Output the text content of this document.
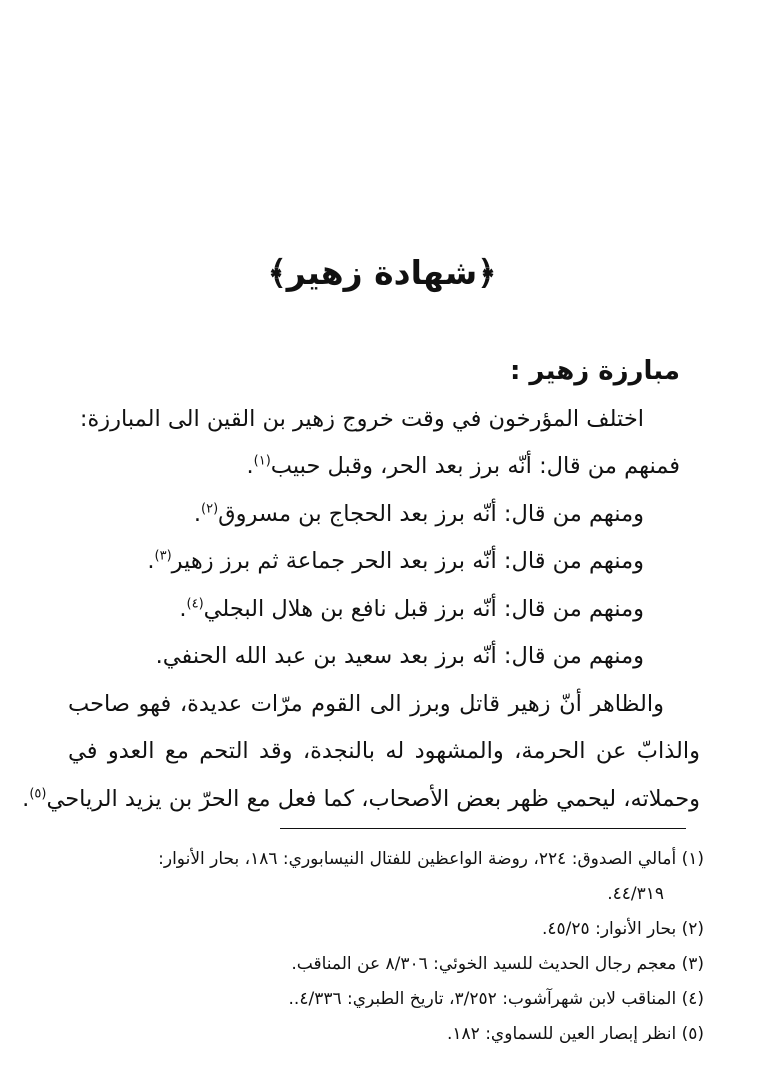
﴿شهادة زهير﴾
مبارزة زهير :
اختلف المؤرخون في وقت خروج زهير بن القين الى المبارزة:
فمنهم من قال: أنّه برز بعد الحر، وقبل حبيب$^{(١)}$.
ومنهم من قال: أنّه برز بعد الحجاج بن مسروق$^{(٢)}$.
ومنهم من قال: أنّه برز بعد الحر جماعة ثم برز زهير$^{(٣)}$.
ومنهم من قال: أنّه برز قبل نافع بن هلال البجلي$^{(٤)}$.
ومنهم من قال: أنّه برز بعد سعيد بن عبد الله الحنفي.
والظاهر أنّ زهير قاتل وبرز الى القوم مرّات عديدة، فهو صاحب
والذابّ عن الحرمة، والمشهود له بالنجدة، وقد التحم مع العدو في
وحملاته، ليحمي ظهر بعض الأصحاب، كما فعل مع الحرّ بن يزيد الرياحي$^{(٥)}$.
(١) أمالي الصدوق: ٢٢٤، روضة الواعظين للفتال النيسابوري: ١٨٦، بحار الأنوار:
٤٤/٣١٩.
(٢) بحار الأنوار: ٤٥/٢٥.
(٣) معجم رجال الحديث للسيد الخوئي: ٨/٣٠٦ عن المناقب.
(٤) المناقب لابن شهرآشوب: ٣/٢٥٢، تاريخ الطبري: ٤/٣٣٦..
(٥) انظر إبصار العين للسماوي: ١٨٢.
